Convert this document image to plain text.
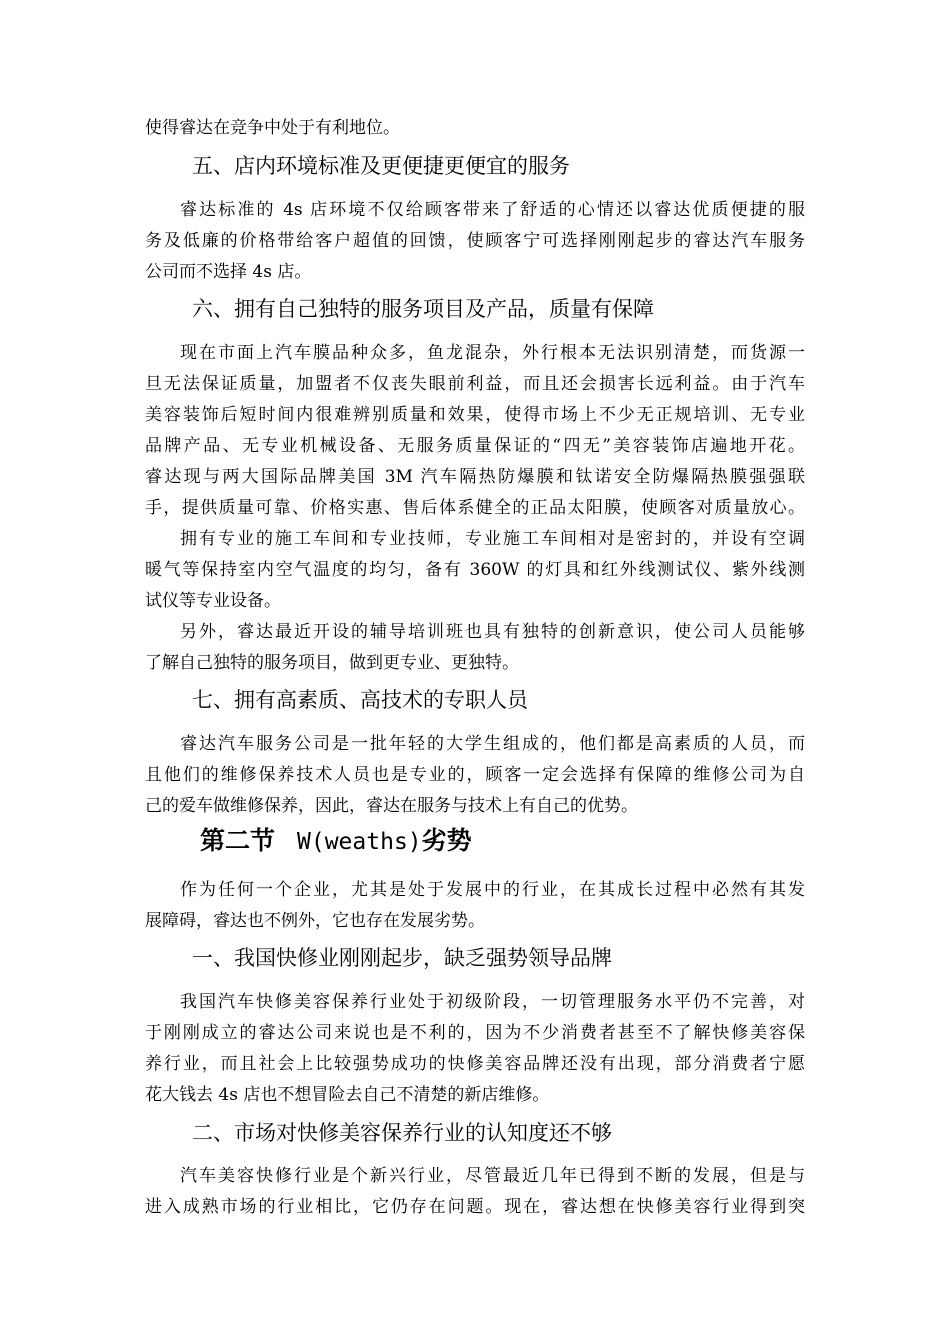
使得睿达在竞争中处于有利地位。
五、店内环境标准及更便捷更便宜的服务
睿达标准的 4s 店环境不仅给顾客带来了舒适的心情还以睿达优质便捷的服
务及低廉的价格带给客户超值的回馈，使顾客宁可选择刚刚起步的睿达汽车服务
公司而不选择 4s 店。
六、拥有自己独特的服务项目及产品，质量有保障
现在市面上汽车膜品种众多，鱼龙混杂，外行根本无法识别清楚，而货源一
旦无法保证质量，加盟者不仅丧失眼前利益，而且还会损害长远利益。由于汽车
美容装饰后短时间内很难辨别质量和效果，使得市场上不少无正规培训、无专业
品牌产品、无专业机械设备、无服务质量保证的“四无”美容装饰店遍地开花。
睿达现与两大国际品牌美国 3M 汽车隔热防爆膜和钛诺安全防爆隔热膜强强联
手，提供质量可靠、价格实惠、售后体系健全的正品太阳膜，使顾客对质量放心。
拥有专业的施工车间和专业技师，专业施工车间相对是密封的，并设有空调
暖气等保持室内空气温度的均匀，备有 360W 的灯具和红外线测试仪、紫外线测
试仪等专业设备。
另外，睿达最近开设的辅导培训班也具有独特的创新意识，使公司人员能够
了解自己独特的服务项目，做到更专业、更独特。
七、拥有高素质、高技术的专职人员
睿达汽车服务公司是一批年轻的大学生组成的，他们都是高素质的人员，而
且他们的维修保养技术人员也是专业的，顾客一定会选择有保障的维修公司为自
己的爱车做维修保养，因此，睿达在服务与技术上有自己的优势。
第二节 W(weaths)劣势
作为任何一个企业，尤其是处于发展中的行业，在其成长过程中必然有其发
展障碍，睿达也不例外，它也存在发展劣势。
一、我国快修业刚刚起步，缺乏强势领导品牌
我国汽车快修美容保养行业处于初级阶段，一切管理服务水平仍不完善，对
于刚刚成立的睿达公司来说也是不利的，因为不少消费者甚至不了解快修美容保
养行业，而且社会上比较强势成功的快修美容品牌还没有出现，部分消费者宁愿
花大钱去 4s 店也不想冒险去自己不清楚的新店维修。
二、市场对快修美容保养行业的认知度还不够
汽车美容快修行业是个新兴行业，尽管最近几年已得到不断的发展，但是与
进入成熟市场的行业相比，它仍存在问题。现在，睿达想在快修美容行业得到突
